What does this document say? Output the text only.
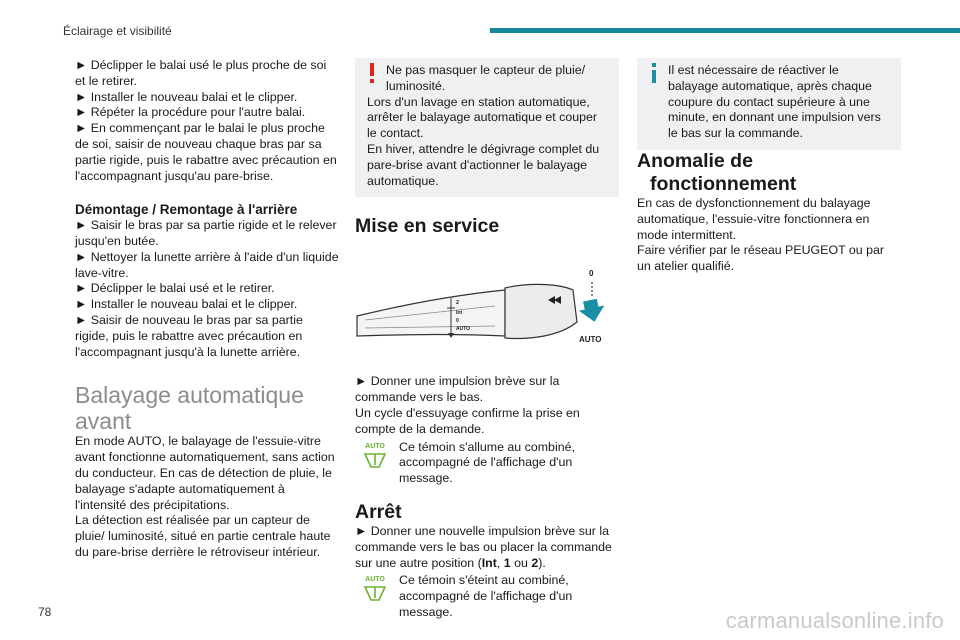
Éclairage et visibilité

► Déclipper le balai usé le plus proche de soi et le retirer.

► Installer le nouveau balai et le clipper.

► Répéter la procédure pour l'autre balai.

► En commençant par le balai le plus proche de soi, saisir de nouveau chaque bras par sa partie rigide, puis le rabattre avec précaution en l'accompagnant jusqu'au pare-brise.

Démontage / Remontage à l'arrière

► Saisir le bras par sa partie rigide et le relever jusqu'en butée.

► Nettoyer la lunette arrière à l'aide d'un liquide lave-vitre.

► Déclipper le balai usé et le retirer.

► Installer le nouveau balai et le clipper.

► Saisir de nouveau le bras par sa partie rigide, puis le rabattre avec précaution en l'accompagnant jusqu'à la lunette arrière.

Balayage automatique avant

En mode AUTO, le balayage de l'essuie-vitre avant fonctionne automatiquement, sans action du conducteur. En cas de détection de pluie, le balayage s'adapte automatiquement à l'intensité des précipitations.

La détection est réalisée par un capteur de pluie/ luminosité, situé en partie centrale haute du pare-brise derrière le rétroviseur intérieur.

Ne pas masquer le capteur de pluie/ luminosité.

Lors d'un lavage en station automatique, arrêter le balayage automatique et couper le contact.

En hiver, attendre le dégivrage complet du pare-brise avant d'actionner le balayage automatique.

Mise en service

2
Int
0
AUTO
0
AUTO

► Donner une impulsion brève sur la commande vers le bas.

Un cycle d'essuyage confirme la prise en compte de la demande.

AUTO Ce témoin s'allume au combiné, accompagné de l'affichage d'un message.

Arrêt

► Donner une nouvelle impulsion brève sur la commande vers le bas ou placer la commande sur une autre position (Int, 1 ou 2).

AUTO Ce témoin s'éteint au combiné, accompagné de l'affichage d'un message.

Il est nécessaire de réactiver le balayage automatique, après chaque coupure du contact supérieure à une minute, en donnant une impulsion vers le bas sur la commande.

Anomalie de
fonctionnement

En cas de dysfonctionnement du balayage automatique, l'essuie-vitre fonctionnera en mode intermittent.

Faire vérifier par le réseau PEUGEOT ou par un atelier qualifié.

78	carmanualsonline.info
